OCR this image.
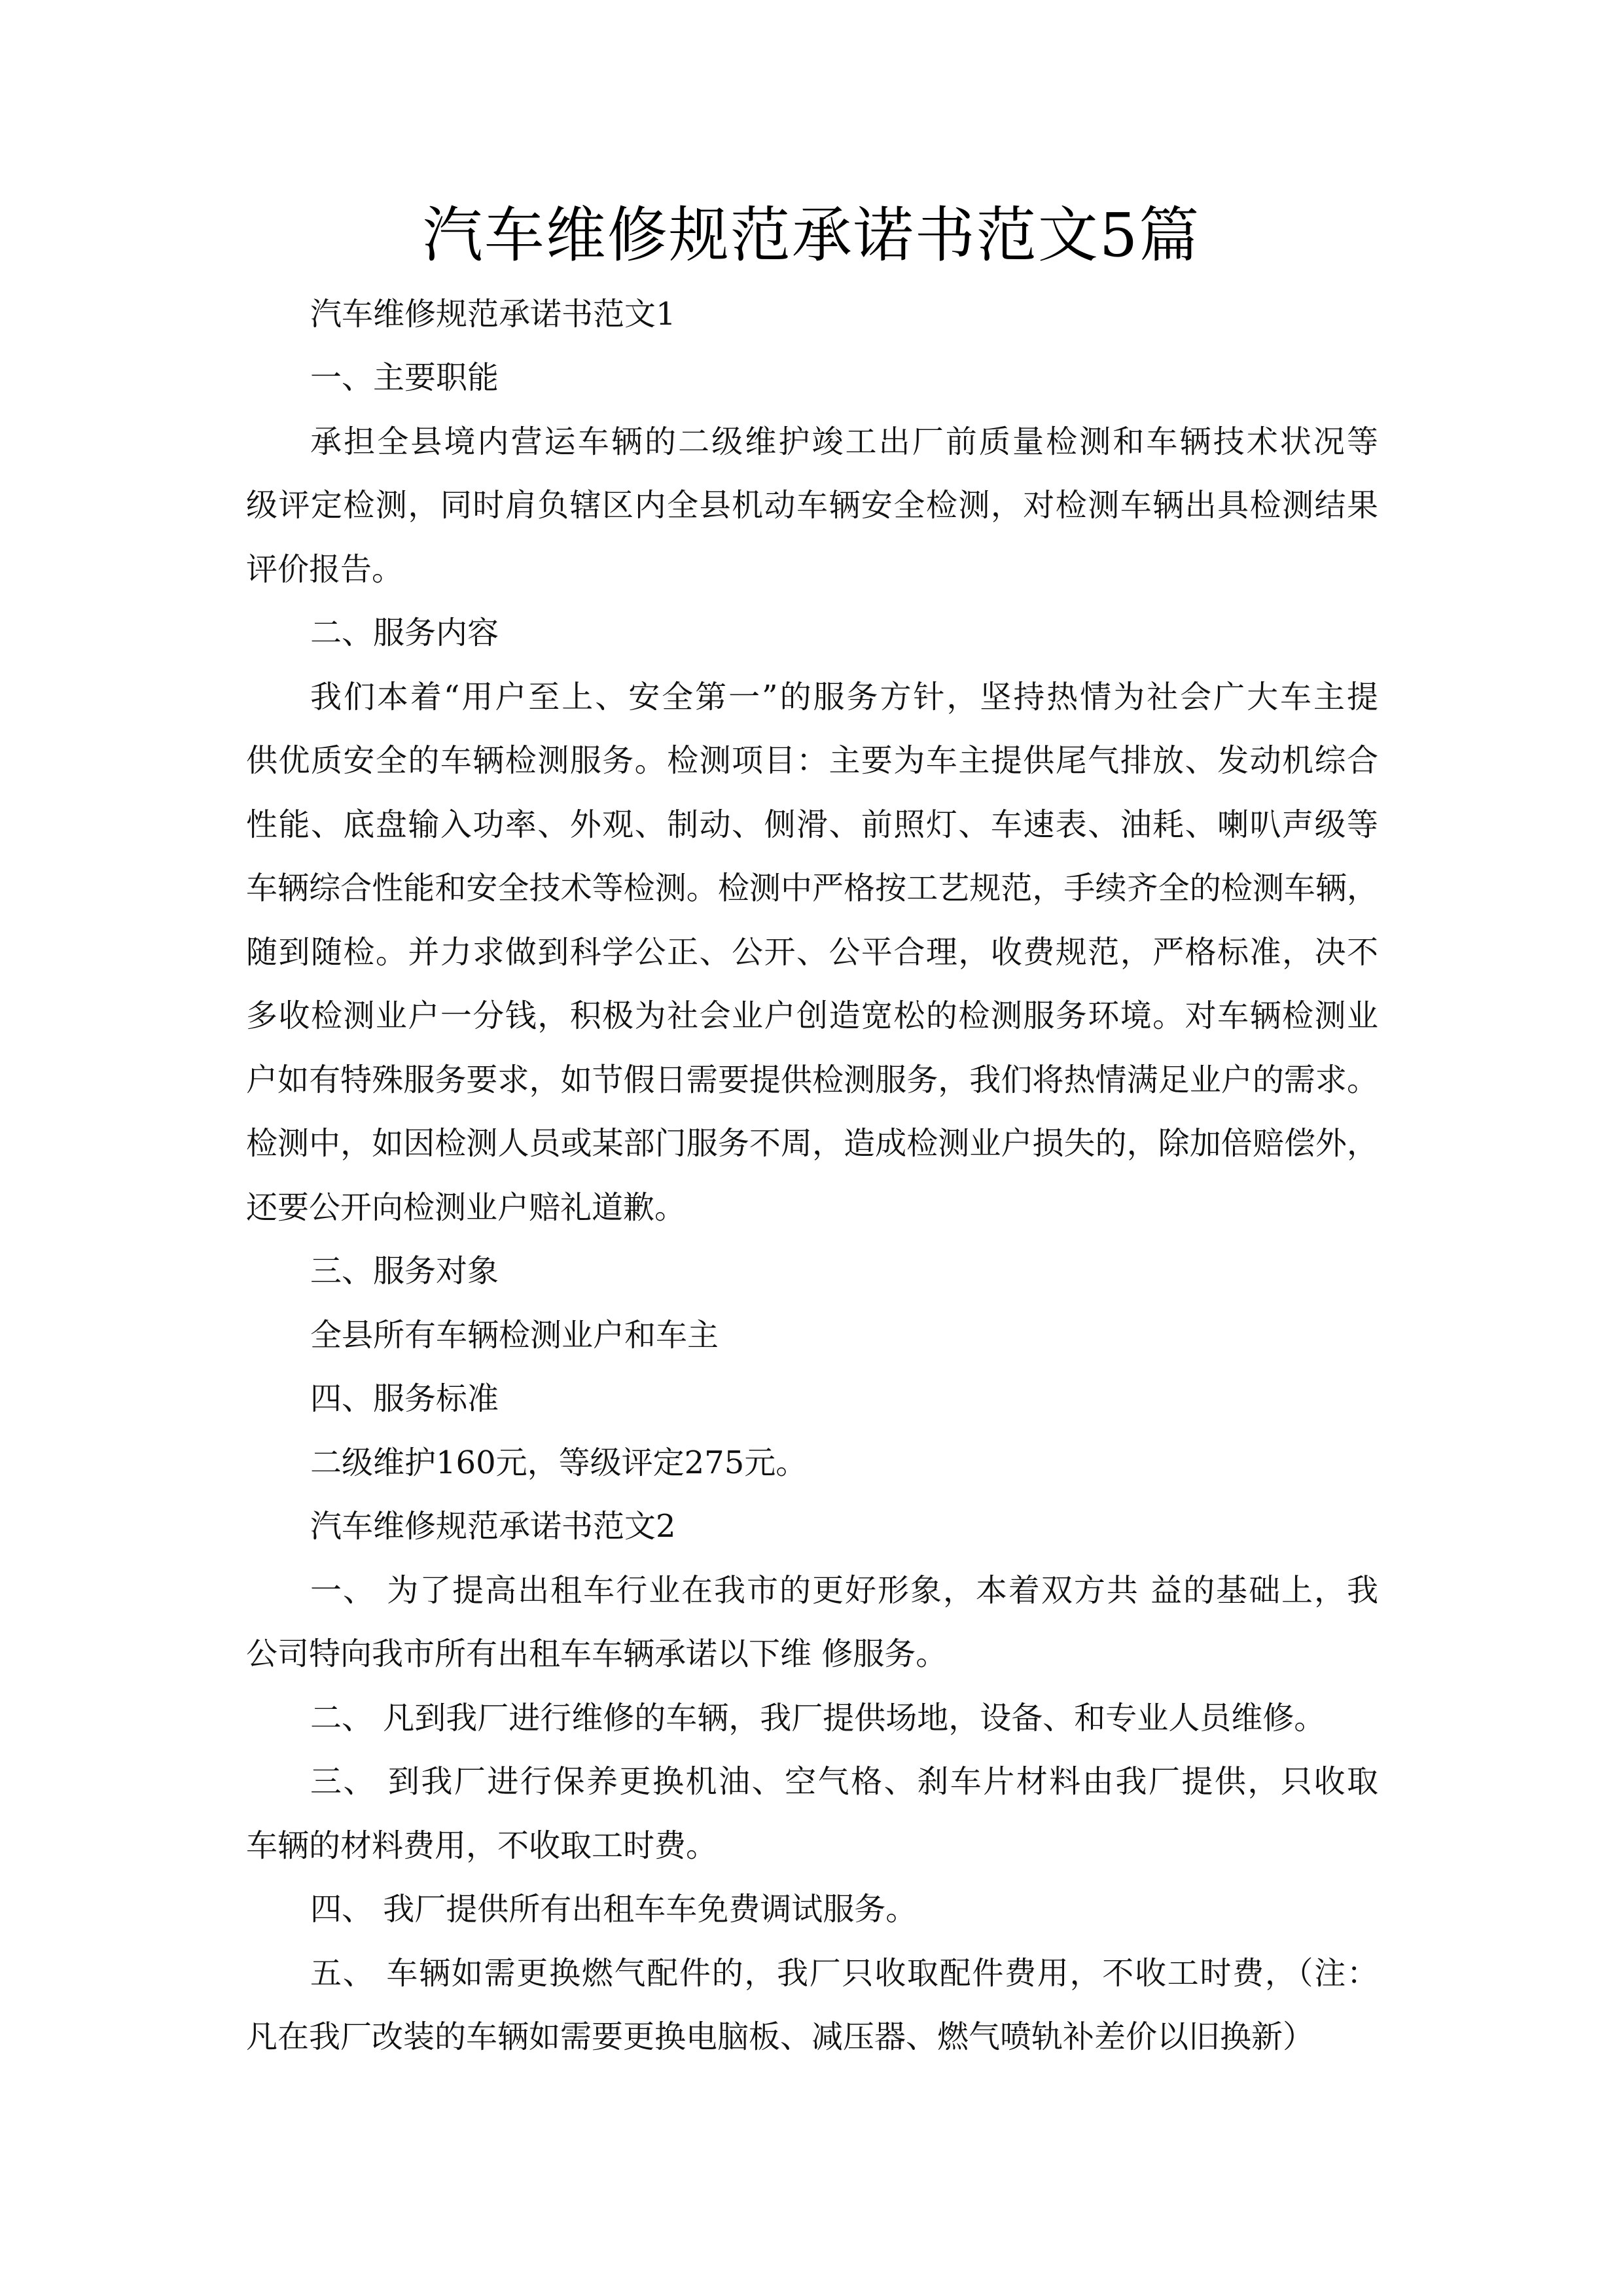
汽车维修规范承诺书范文5篇
汽车维修规范承诺书范文1
一、主要职能
承担全县境内营运车辆的二级维护竣工出厂前质量检测和车辆技术状况等
级评定检测，同时肩负辖区内全县机动车辆安全检测，对检测车辆出具检测结果
评价报告。
二、服务内容
我们本着“用户至上、安全第一”的服务方针，坚持热情为社会广大车主提
供优质安全的车辆检测服务。检测项目：主要为车主提供尾气排放、发动机综合
性能、底盘输入功率、外观、制动、侧滑、前照灯、车速表、油耗、喇叭声级等
车辆综合性能和安全技术等检测。检测中严格按工艺规范，手续齐全的检测车辆，
随到随检。并力求做到科学公正、公开、公平合理，收费规范，严格标准，决不
多收检测业户一分钱，积极为社会业户创造宽松的检测服务环境。对车辆检测业
户如有特殊服务要求，如节假日需要提供检测服务，我们将热情满足业户的需求。
检测中，如因检测人员或某部门服务不周，造成检测业户损失的，除加倍赔偿外，
还要公开向检测业户赔礼道歉。
三、服务对象
全县所有车辆检测业户和车主
四、服务标准
二级维护160元，等级评定275元。
汽车维修规范承诺书范文2
一、 为了提高出租车行业在我市的更好形象，本着双方共 益的基础上，我
公司特向我市所有出租车车辆承诺以下维 修服务。
二、 凡到我厂进行维修的车辆，我厂提供场地，设备、和专业人员维修。
三、 到我厂进行保养更换机油、空气格、刹车片材料由我厂提供，只收取
车辆的材料费用，不收取工时费。
四、 我厂提供所有出租车车免费调试服务。
五、 车辆如需更换燃气配件的，我厂只收取配件费用，不收工时费，（注：
凡在我厂改装的车辆如需要更换电脑板、减压器、燃气喷轨补差价以旧换新）
